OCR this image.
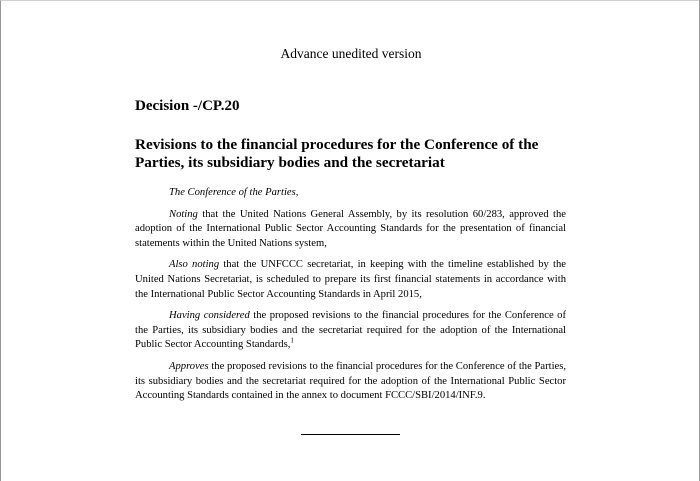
Advance unedited version
Decision -/CP.20
Revisions to the financial procedures for the Conference of the Parties, its subsidiary bodies and the secretariat

The Conference of the Parties,

Noting that the United Nations General Assembly, by its resolution 60/283, approved the adoption of the International Public Sector Accounting Standards for the presentation of financial statements within the United Nations system,

Also noting that the UNFCCC secretariat, in keeping with the timeline established by the United Nations Secretariat, is scheduled to prepare its first financial statements in accordance with the International Public Sector Accounting Standards in April 2015,

Having considered the proposed revisions to the financial procedures for the Conference of the Parties, its subsidiary bodies and the secretariat required for the adoption of the International Public Sector Accounting Standards,$^1$

Approves the proposed revisions to the financial procedures for the Conference of the Parties, its subsidiary bodies and the secretariat required for the adoption of the International Public Sector Accounting Standards contained in the annex to document FCCC/SBI/2014/INF.9.
